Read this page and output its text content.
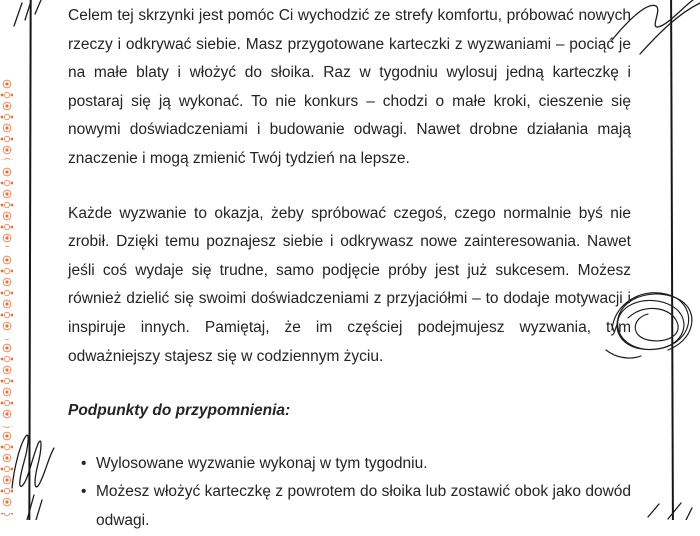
Celem tej skrzynki jest pomóc Ci wychodzić ze strefy komfortu, próbować nowych rzeczy i odkrywać siebie. Masz przygotowane karteczki z wyzwaniami – pociąć je na małe blaty i włożyć do słoika. Raz w tygodniu wylosuj jedną karteczkę i postaraj się ją wykonać. To nie konkurs – chodzi o małe kroki, cieszenie się nowymi doświadczeniami i budowanie odwagi. Nawet drobne działania mają znaczenie i mogą zmienić Twój tydzień na lepsze.

Każde wyzwanie to okazja, żeby spróbować czegoś, czego normalnie byś nie zrobił. Dzięki temu poznajesz siebie i odkrywasz nowe zainteresowania. Nawet jeśli coś wydaje się trudne, samo podjęcie próby jest już sukcesem. Możesz również dzielić się swoimi doświadczeniami z przyjaciółmi – to dodaje motywacji i inspiruje innych. Pamiętaj, że im częściej podejmujesz wyzwania, tym odważniejszy stajesz się w codziennym życiu.

Podpunkty do przypomnienia:
• Wylosowane wyzwanie wykonaj w tym tygodniu.
• Możesz włożyć karteczkę z powrotem do słoika lub zostawić obok jako dowód odwagi.
